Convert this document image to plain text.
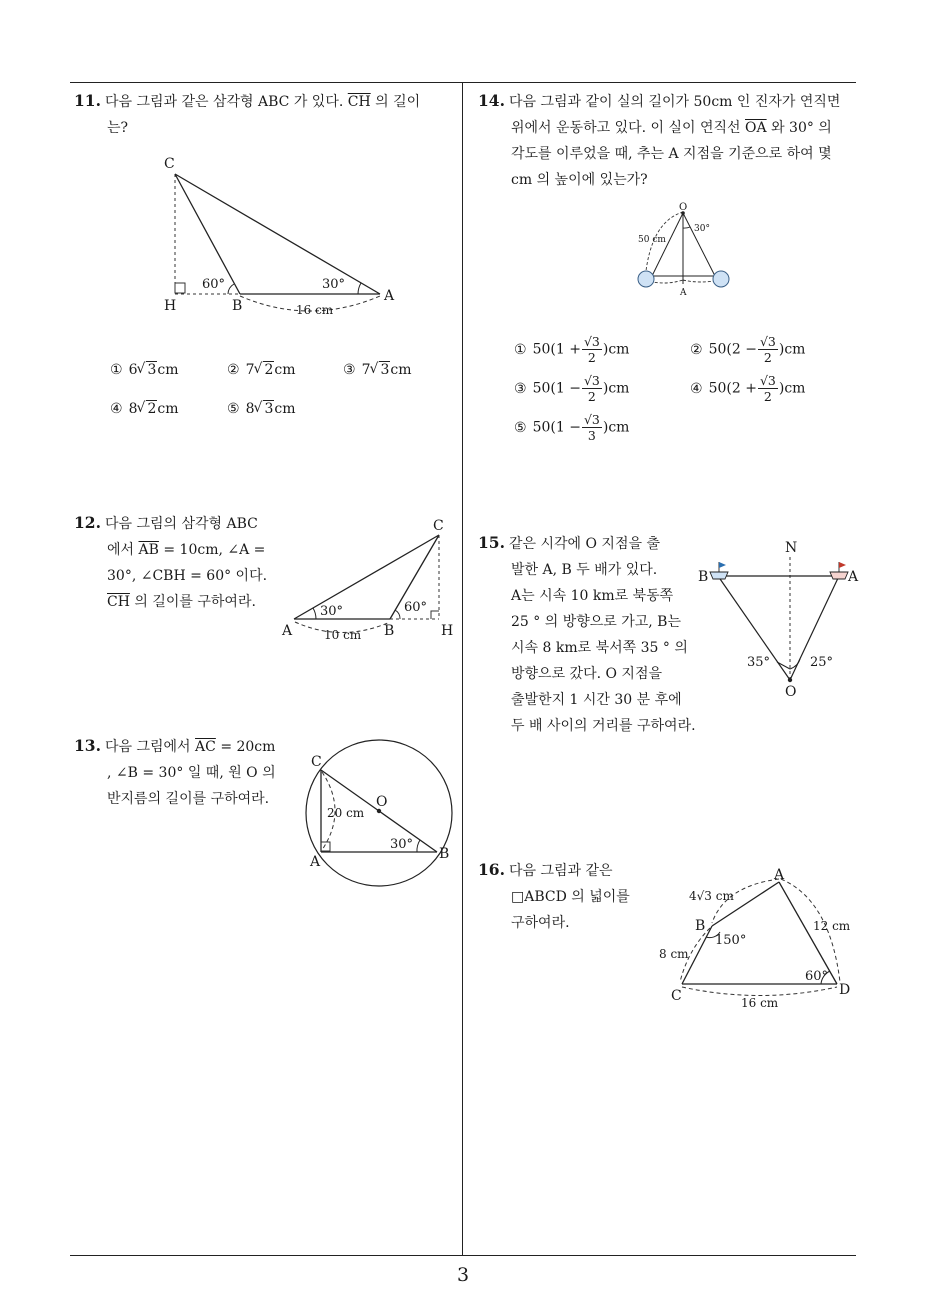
3

11. 다음 그림과 같은 삼각형 ABC 가 있다. $\overline{CH}$ 의 길이

는?

C
H	B
A
60°	30°
16 cm
① 6 √ 3cm	② 7 √ 2cm	③ 7 √ 3cm
④ 8 √ 2cm	⑤ 8 √ 3cm

12. 다음 그림의 삼각형 ABC

에서 $\overline{AB} = 10cm$, ∠A =

30°, ∠CBH = 60° 이다.

$\overline{CH}$ 의 길이를 구하여라.

C
A	B	H
30°	60°
10 cm

13. 다음 그림에서 $\overline{AC} = 20cm$

, ∠B = 30° 일 때, 원 O 의

반지름의 길이를 구하여라.

C
O
A	B
20 cm
30°

14. 다음 그림과 같이 실의 길이가 50cm 인 진자가 연직면

위에서 운동하고 있다. 이 실이 연직선 $\overline{OA}$ 와 30° 의

각도를 이루었을 때, 추는 A 지점을 기준으로 하여 몇

cm 의 높이에 있는가?

O
A
50 cm
30°
① $50(1 + \frac{√3}{2} )cm$	② $50(2 - \frac{√3}{2} )cm$
③ $50(1 - \frac{√3}{2} )cm$	④ $50(2 + \frac{√3}{2} )cm$
⑤ $50(1 - \frac{√3}{3} )cm$

15. 같은 시각에 O 지점을 출

발한 A, B 두 배가 있다.

A는 시속 10 km로 북동쪽

25 ° 의 방향으로 가고, B는

시속 8 km로 북서쪽 35 ° 의

방향으로 갔다. O 지점을

출발한지 1 시간 30 분 후에

두 배 사이의 거리를 구하여라.

N
B	A
O
35°	25°

16. 다음 그림과 같은

□ABCD 의 넓이를

구하여라.

A
B
C	D
4√3 cm
12 cm
8 cm
16 cm
150°
60°
